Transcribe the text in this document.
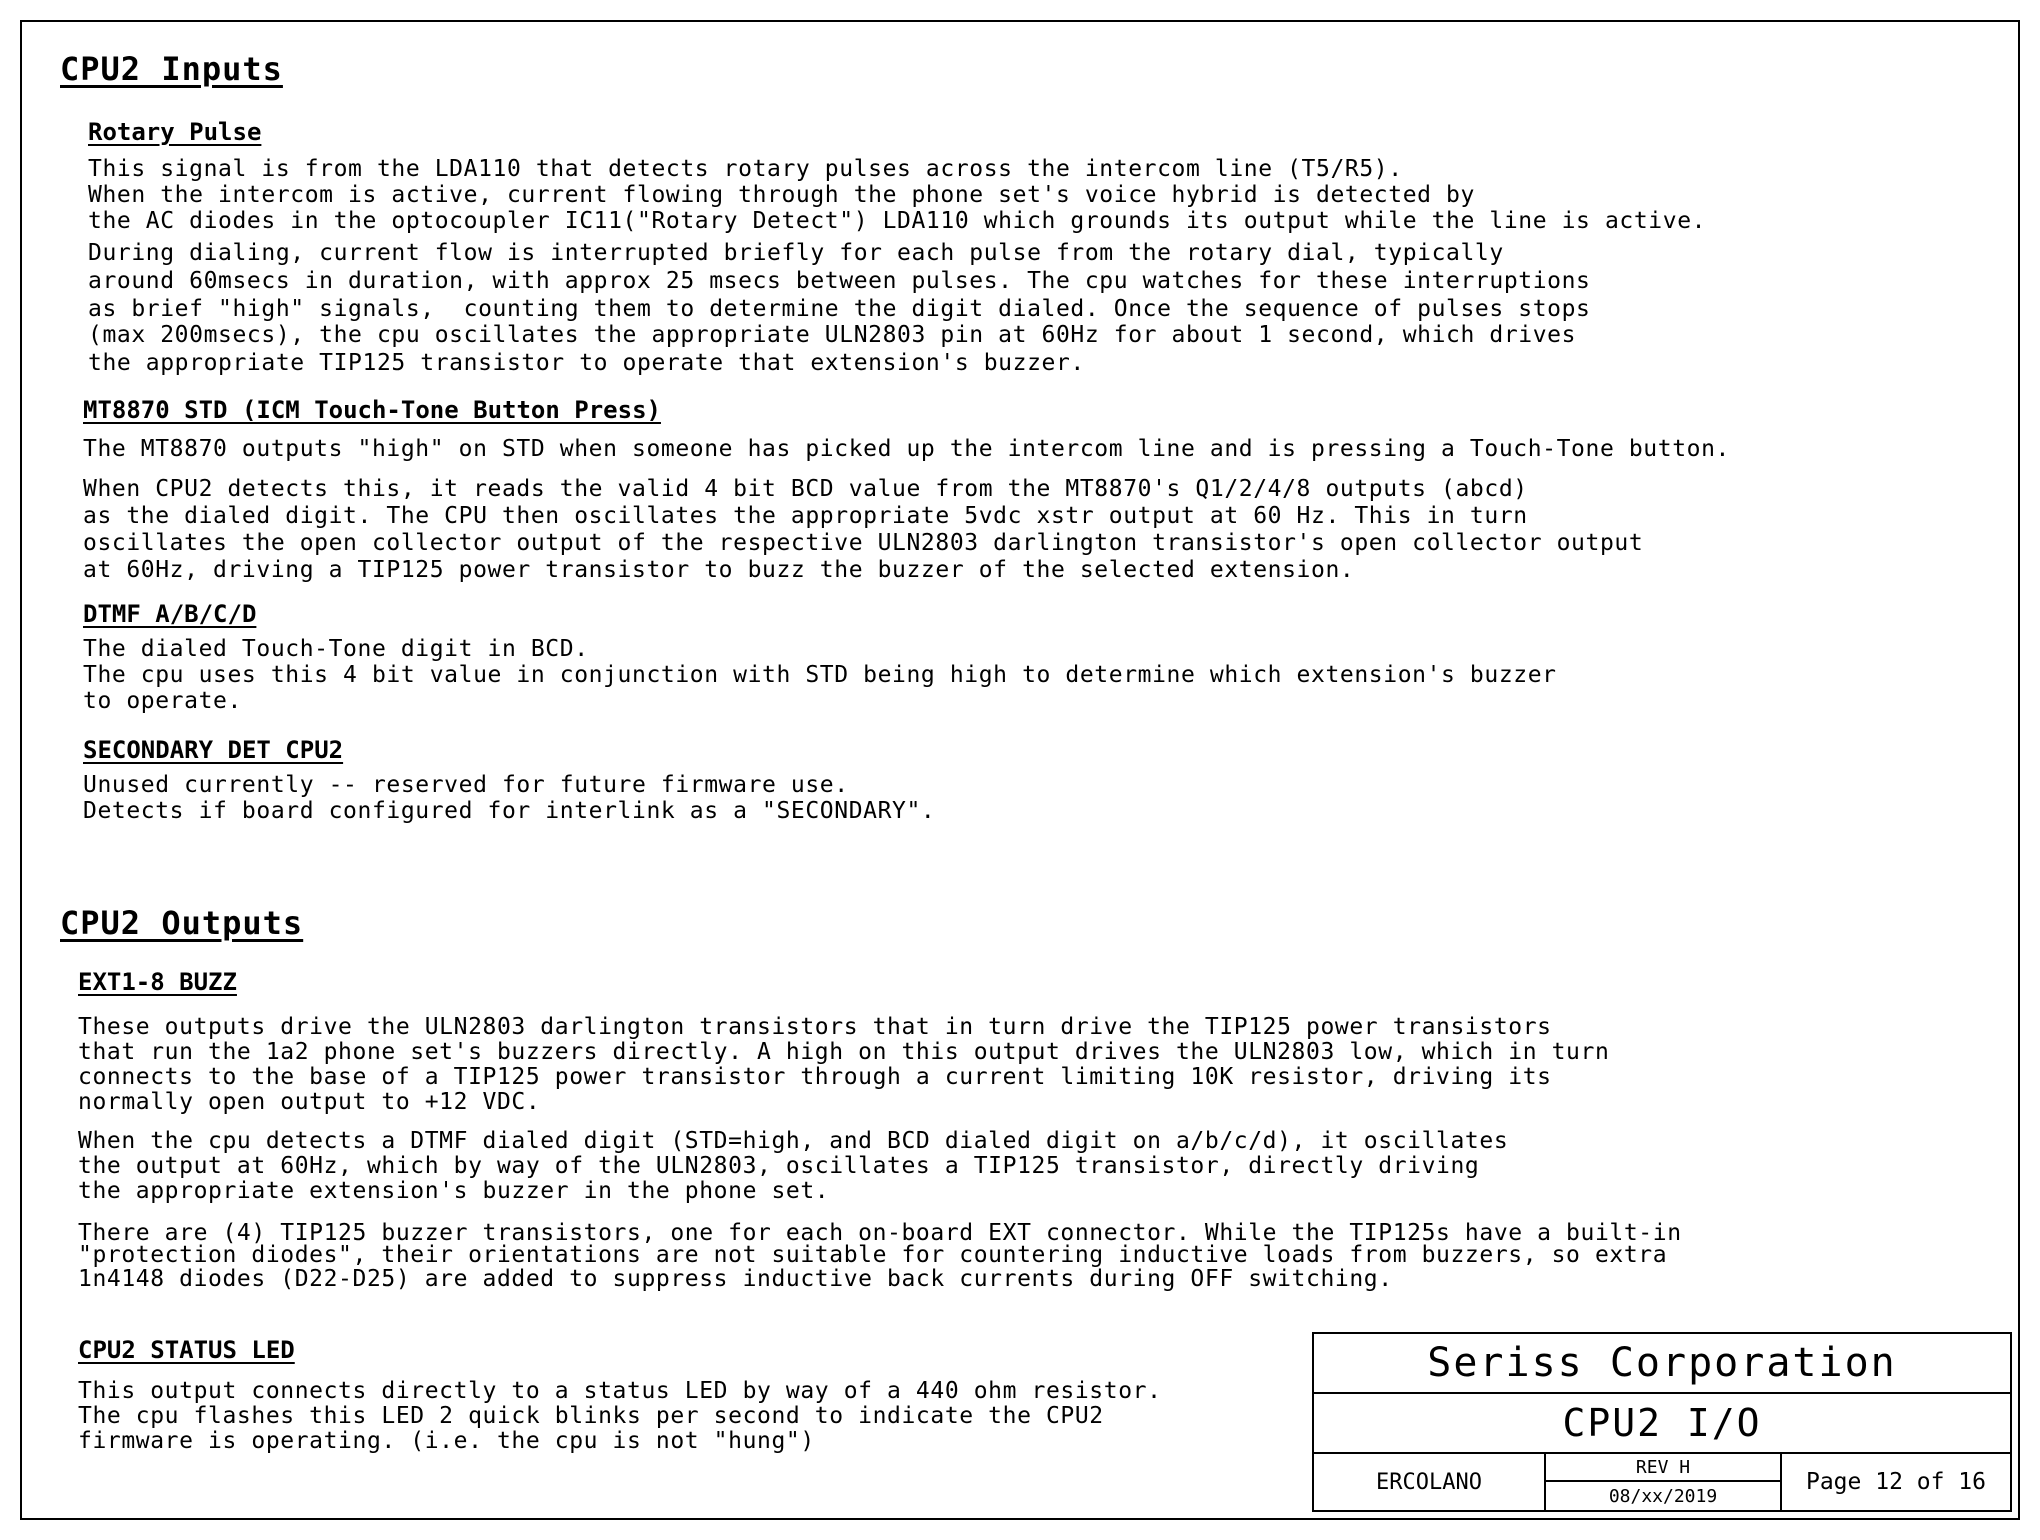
CPU2 Inputs
Rotary Pulse
This signal is from the LDA110 that detects rotary pulses across the intercom line (T5/R5).
When the intercom is active, current flowing through the phone set's voice hybrid is detected by
the AC diodes in the optocoupler IC11("Rotary Detect") LDA110 which grounds its output while the line is active.
During dialing, current flow is interrupted briefly for each pulse from the rotary dial, typically
around 60msecs in duration, with approx 25 msecs between pulses. The cpu watches for these interruptions
as brief "high" signals,  counting them to determine the digit dialed. Once the sequence of pulses stops
(max 200msecs), the cpu oscillates the appropriate ULN2803 pin at 60Hz for about 1 second, which drives
the appropriate TIP125 transistor to operate that extension's buzzer.
MT8870 STD (ICM Touch-Tone Button Press)
The MT8870 outputs "high" on STD when someone has picked up the intercom line and is pressing a Touch-Tone button.
When CPU2 detects this, it reads the valid 4 bit BCD value from the MT8870's Q1/2/4/8 outputs (abcd)
as the dialed digit. The CPU then oscillates the appropriate 5vdc xstr output at 60 Hz. This in turn
oscillates the open collector output of the respective ULN2803 darlington transistor's open collector output
at 60Hz, driving a TIP125 power transistor to buzz the buzzer of the selected extension.
DTMF A/B/C/D
The dialed Touch-Tone digit in BCD.
The cpu uses this 4 bit value in conjunction with STD being high to determine which extension's buzzer
to operate.
SECONDARY DET CPU2
Unused currently -- reserved for future firmware use.
Detects if board configured for interlink as a "SECONDARY".
CPU2 Outputs
EXT1-8 BUZZ
These outputs drive the ULN2803 darlington transistors that in turn drive the TIP125 power transistors
that run the 1a2 phone set's buzzers directly. A high on this output drives the ULN2803 low, which in turn
connects to the base of a TIP125 power transistor through a current limiting 10K resistor, driving its
normally open output to +12 VDC.
When the cpu detects a DTMF dialed digit (STD=high, and BCD dialed digit on a/b/c/d), it oscillates
the output at 60Hz, which by way of the ULN2803, oscillates a TIP125 transistor, directly driving
the appropriate extension's buzzer in the phone set.
There are (4) TIP125 buzzer transistors, one for each on-board EXT connector. While the TIP125s have a built-in
"protection diodes", their orientations are not suitable for countering inductive loads from buzzers, so extra
1n4148 diodes (D22-D25) are added to suppress inductive back currents during OFF switching.
CPU2 STATUS LED
This output connects directly to a status LED by way of a 440 ohm resistor.
The cpu flashes this LED 2 quick blinks per second to indicate the CPU2
firmware is operating. (i.e. the cpu is not "hung")
Seriss Corporation
CPU2 I/O
ERCOLANO
REV H
08/xx/2019
Page 12 of 16
